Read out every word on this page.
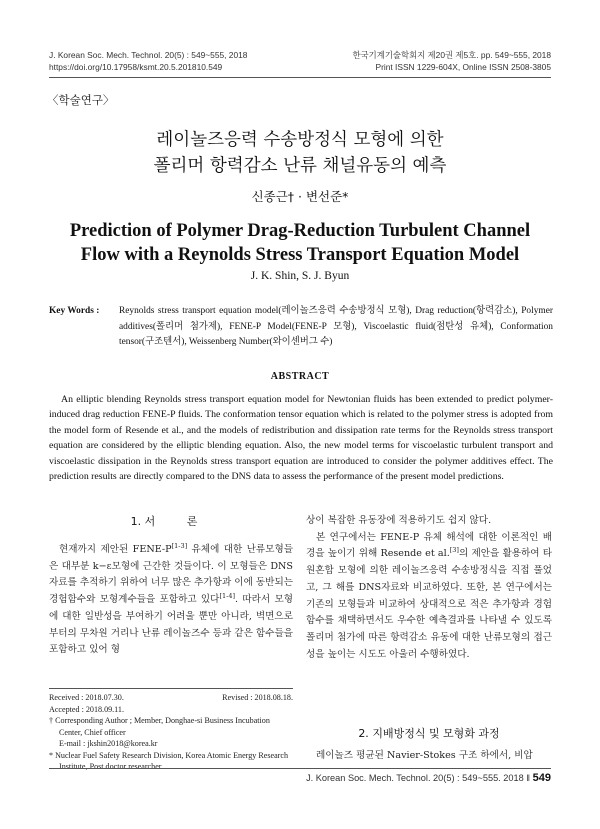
J. Korean Soc. Mech. Technol. 20(5) : 549~555, 2018
https://doi.org/10.17958/ksmt.20.5.201810.549
한국기계기술학회지 제20권 제5호. pp. 549~555, 2018
Print ISSN 1229-604X, Online ISSN 2508-3805
〈학술연구〉
레이놀즈응력 수송방정식 모형에 의한
폴리머 항력감소 난류 채널유동의 예측
신종근† · 변선준*
Prediction of Polymer Drag-Reduction Turbulent Channel
Flow with a Reynolds Stress Transport Equation Model
J. K. Shin, S. J. Byun
Key Words : Reynolds stress transport equation model(레이놀즈응력 수송방정식 모형), Drag reduction(항력감소), Polymer additives(폴리머 첨가제), FENE-P Model(FENE-P 모형), Viscoelastic fluid(점탄성 유체), Conformation tensor(구조텐서), Weissenberg Number(와이센버그 수)
ABSTRACT
An elliptic blending Reynolds stress transport equation model for Newtonian fluids has been extended to predict polymer-induced drag reduction FENE-P fluids. The conformation tensor equation which is related to the polymer stress is adopted from the model form of Resende et al., and the models of redistribution and dissipation rate terms for the Reynolds stress transport equation are considered by the elliptic blending equation. Also, the new model terms for viscoelastic turbulent transport and viscoelastic dissipation in the Reynolds stress transport equation are introduced to consider the polymer additives effect. The prediction results are directly compared to the DNS data to assess the performance of the present model predictions.
1. 서 론

현재까지 제안된 FENE-P[1-3] 유체에 대한 난류모형들은 대부분 k−ε모형에 근간한 것들이다. 이 모형들은 DNS자료를 추적하기 위하여 너무 많은 추가항과 이에 동반되는 경험함수와 모형계수들을 포함하고 있다[1-4]. 따라서 모형에 대한 일반성을 부여하기 어려울 뿐만 아니라, 벽면으로부터의 무차원 거리나 난류 레이놀즈수 등과 같은 함수들을 포함하고 있어 형

Received : 2018.07.30.	Revised : 2018.08.18.
Accepted : 2018.09.11.
† Corresponding Author ; Member, Donghae-si Business Incubation Center, Chief officer
E-mail : jkshin2018@korea.kr
* Nuclear Fuel Safety Research Division, Korea Atomic Energy Research Institute, Post doctor researcher

상이 복잡한 유동장에 적용하기도 쉽지 않다.

본 연구에서는 FENE-P 유체 해석에 대한 이론적인 배경을 높이기 위해 Resende et al.[3]의 제안을 활용하여 타원혼합 모형에 의한 레이놀즈응력 수송방정식을 직접 풀었고, 그 해를 DNS자료와 비교하였다. 또한, 본 연구에서는 기존의 모형들과 비교하여 상대적으로 적은 추가항과 경험함수를 채택하면서도 우수한 예측결과를 나타낼 수 있도록 폴리머 첨가에 따른 항력감소 유동에 대한 난류모형의 접근성을 높이는 시도도 아울러 수행하였다.

2. 지배방정식 및 모형화 과정

레이놀즈 평균된 Navier-Stokes 구조 하에서, 비압

J. Korean Soc. Mech. Technol. 20(5) : 549~555. 2018 ‖ 549
